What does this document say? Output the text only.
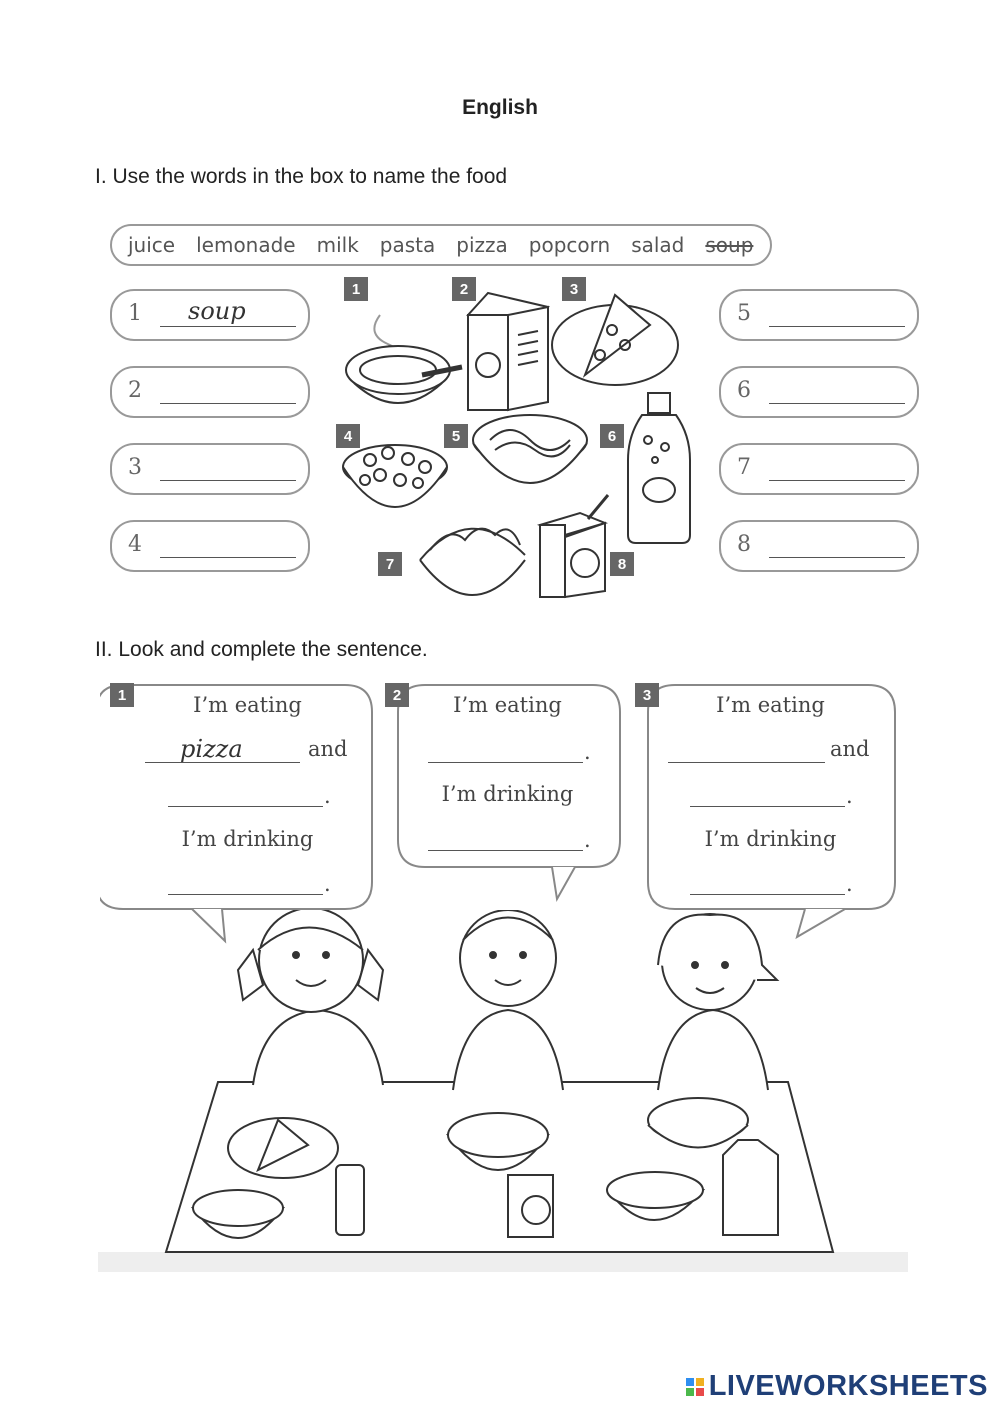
English
I. Use the words in the box to name the food
juice lemonade milk pasta pizza popcorn salad soup
1 soup
2
3
4
5
6
7
8
1	2	3
4	5	6
7	8
II. Look and complete the sentence.
1	2	3
I’m eating
pizza	and
.
I’m drinking
.
I’m eating
.
I’m drinking
.
I’m eating
and
.
I’m drinking
.
LIVEWORKSHEETS
